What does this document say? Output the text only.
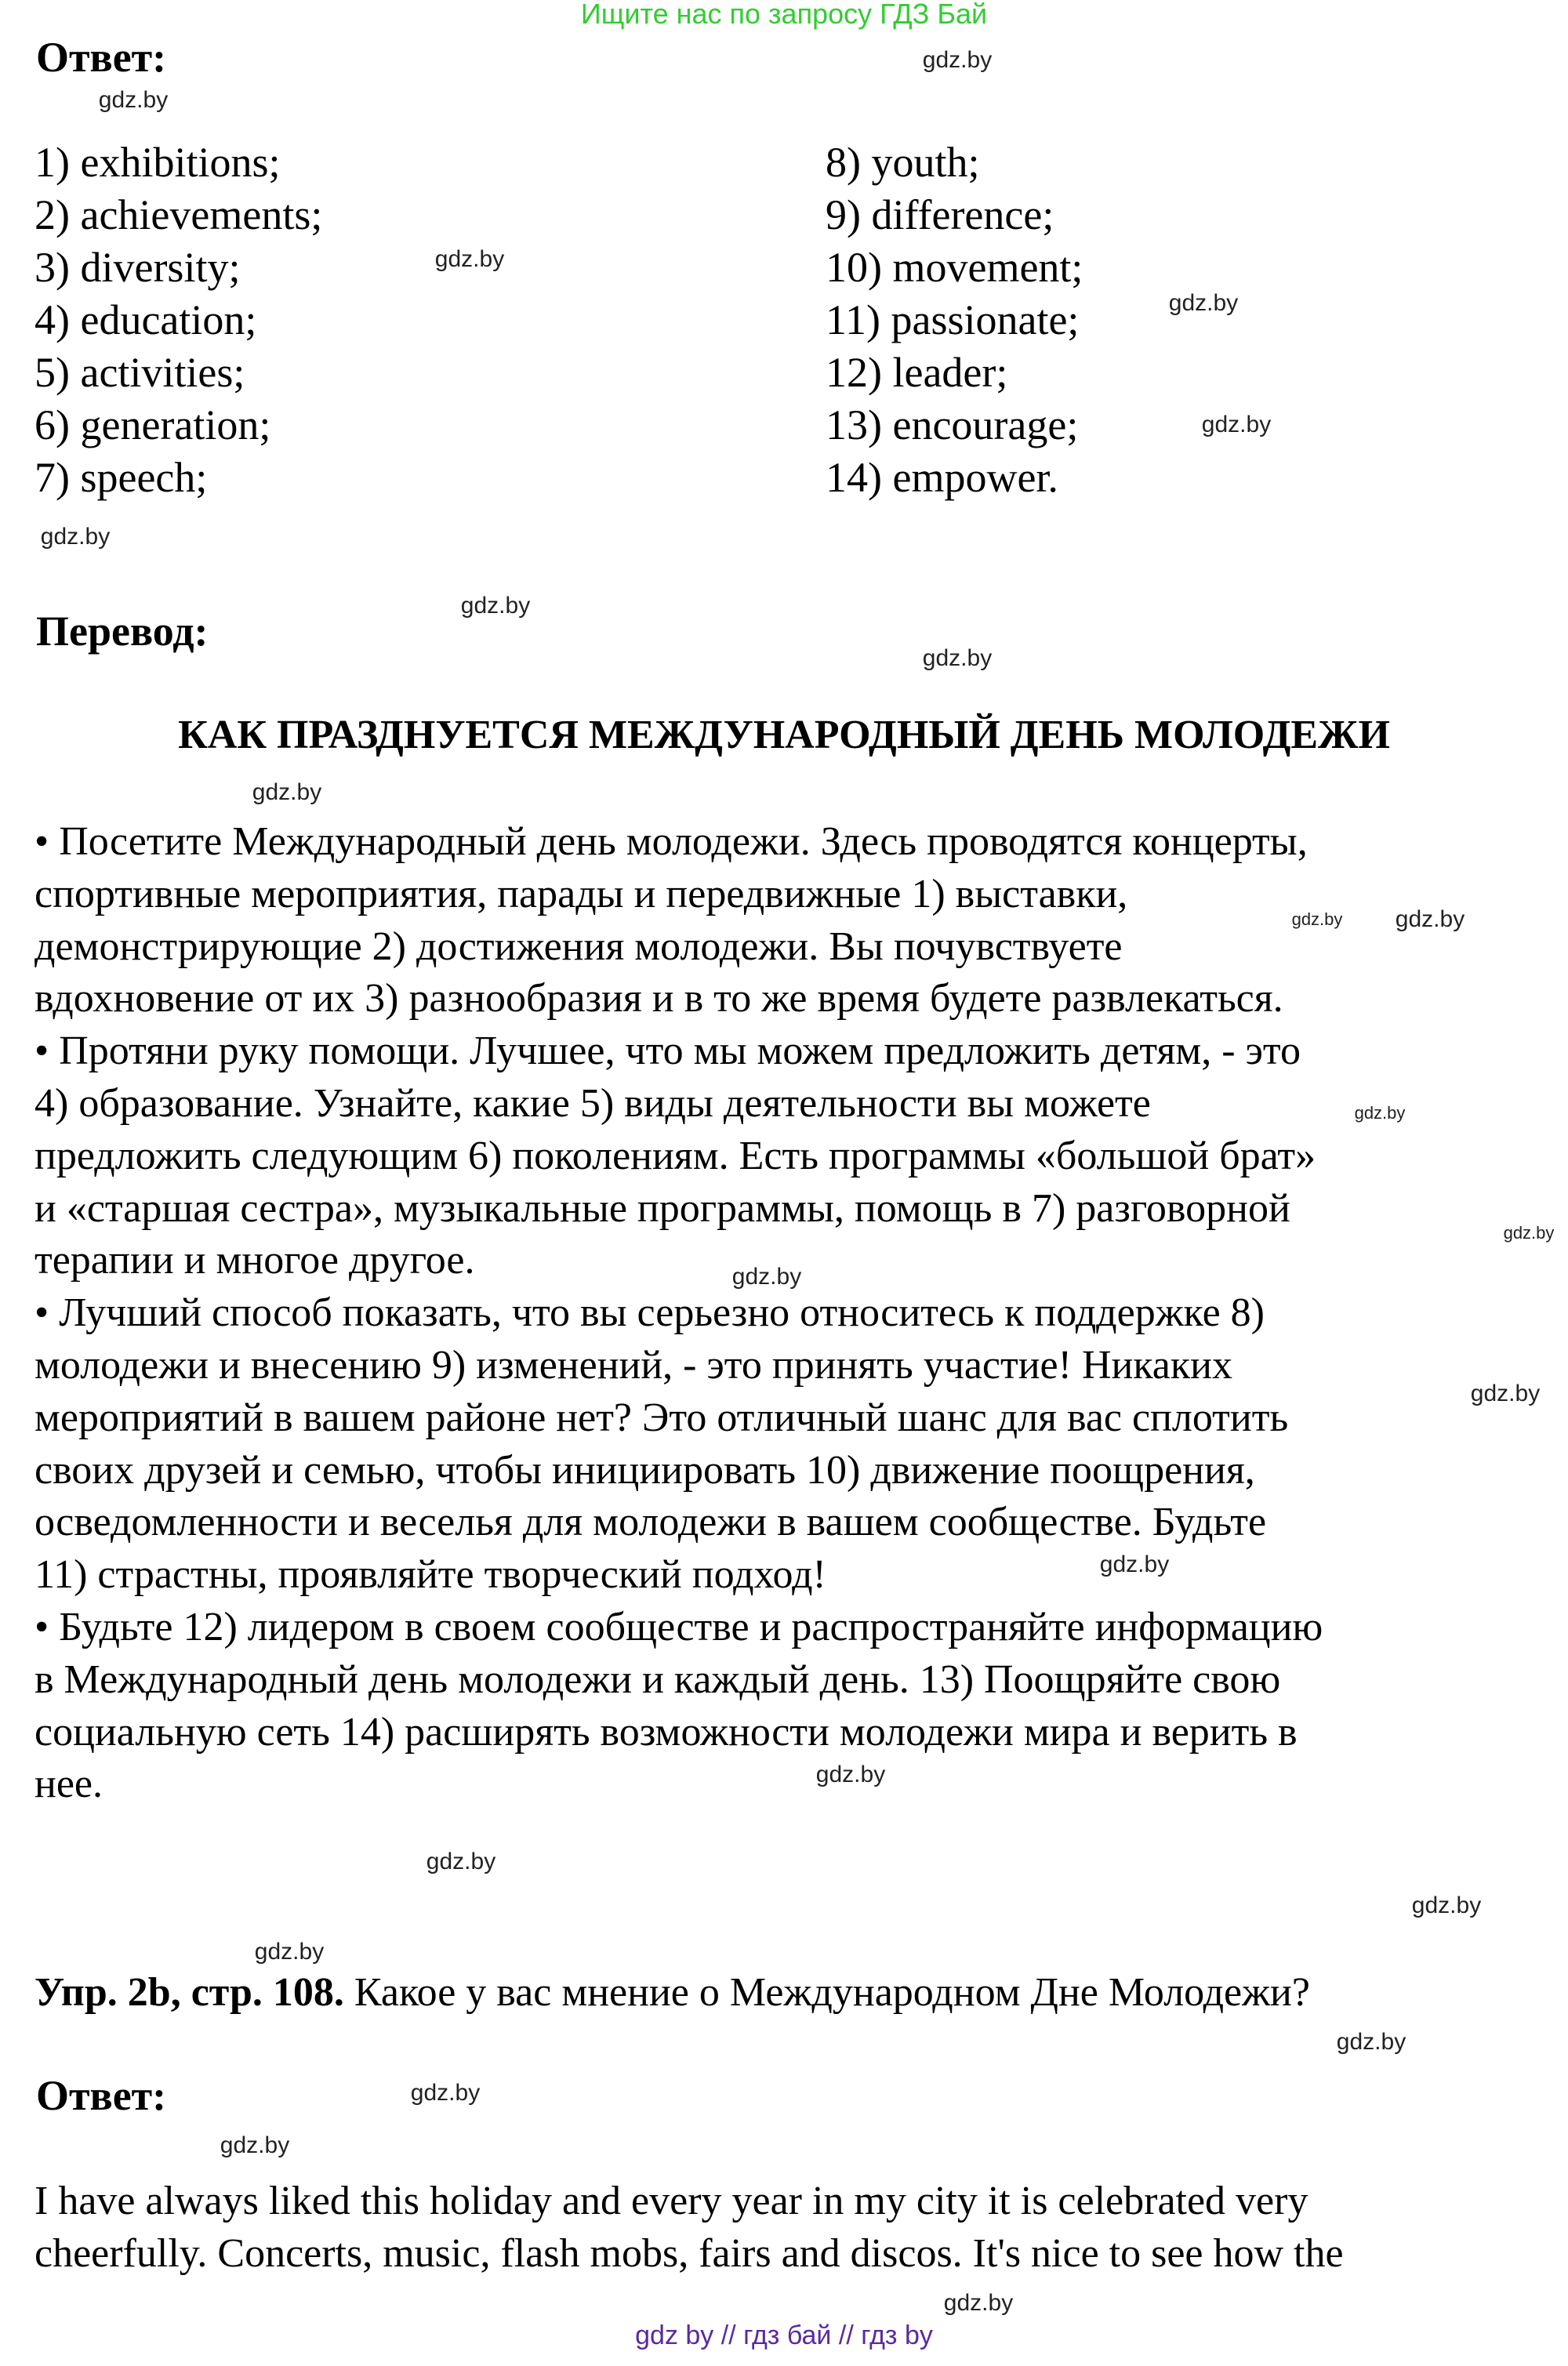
Ищите нас по запросу ГДЗ Бай
Ответ:
1) exhibitions;
2) achievements;
3) diversity;
4) education;
5) activities;
6) generation;
7) speech;
8) youth;
9) difference;
10) movement;
11) passionate;
12) leader;
13) encourage;
14) empower.
Перевод:
КАК ПРАЗДНУЕТСЯ МЕЖДУНАРОДНЫЙ ДЕНЬ МОЛОДЕЖИ
• Посетите Международный день молодежи. Здесь проводятся концерты,
спортивные мероприятия, парады и передвижные 1) выставки,
демонстрирующие 2) достижения молодежи. Вы почувствуете
вдохновение от их 3) разнообразия и в то же время будете развлекаться.
• Протяни руку помощи. Лучшее, что мы можем предложить детям, - это
4) образование. Узнайте, какие 5) виды деятельности вы можете
предложить следующим 6) поколениям. Есть программы «большой брат»
и «старшая сестра», музыкальные программы, помощь в 7) разговорной
терапии и многое другое.
• Лучший способ показать, что вы серьезно относитесь к поддержке 8)
молодежи и внесению 9) изменений, - это принять участие! Никаких
мероприятий в вашем районе нет? Это отличный шанс для вас сплотить
своих друзей и семью, чтобы инициировать 10) движение поощрения,
осведомленности и веселья для молодежи в вашем сообществе. Будьте
11) страстны, проявляйте творческий подход!
• Будьте 12) лидером в своем сообществе и распространяйте информацию
в Международный день молодежи и каждый день. 13) Поощряйте свою
социальную сеть 14) расширять возможности молодежи мира и верить в
нее.
Упр. 2b, стр. 108. Какое у вас мнение о Международном Дне Молодежи?
Ответ:
I have always liked this holiday and every year in my city it is celebrated very
cheerfully. Concerts, music, flash mobs, fairs and discos. It's nice to see how the
gdz.by
gdz.by
gdz.by
gdz.by
gdz.by
gdz.by
gdz.by
gdz.by
gdz.by
gdz.by gdz.by
gdz.by
gdz.by
gdz.by
gdz.by
gdz.by
gdz.by
gdz.by
gdz.by
gdz.by
gdz.by
gdz.by
gdz.by
gdz.by
gdz by // гдз бай // гдз by
